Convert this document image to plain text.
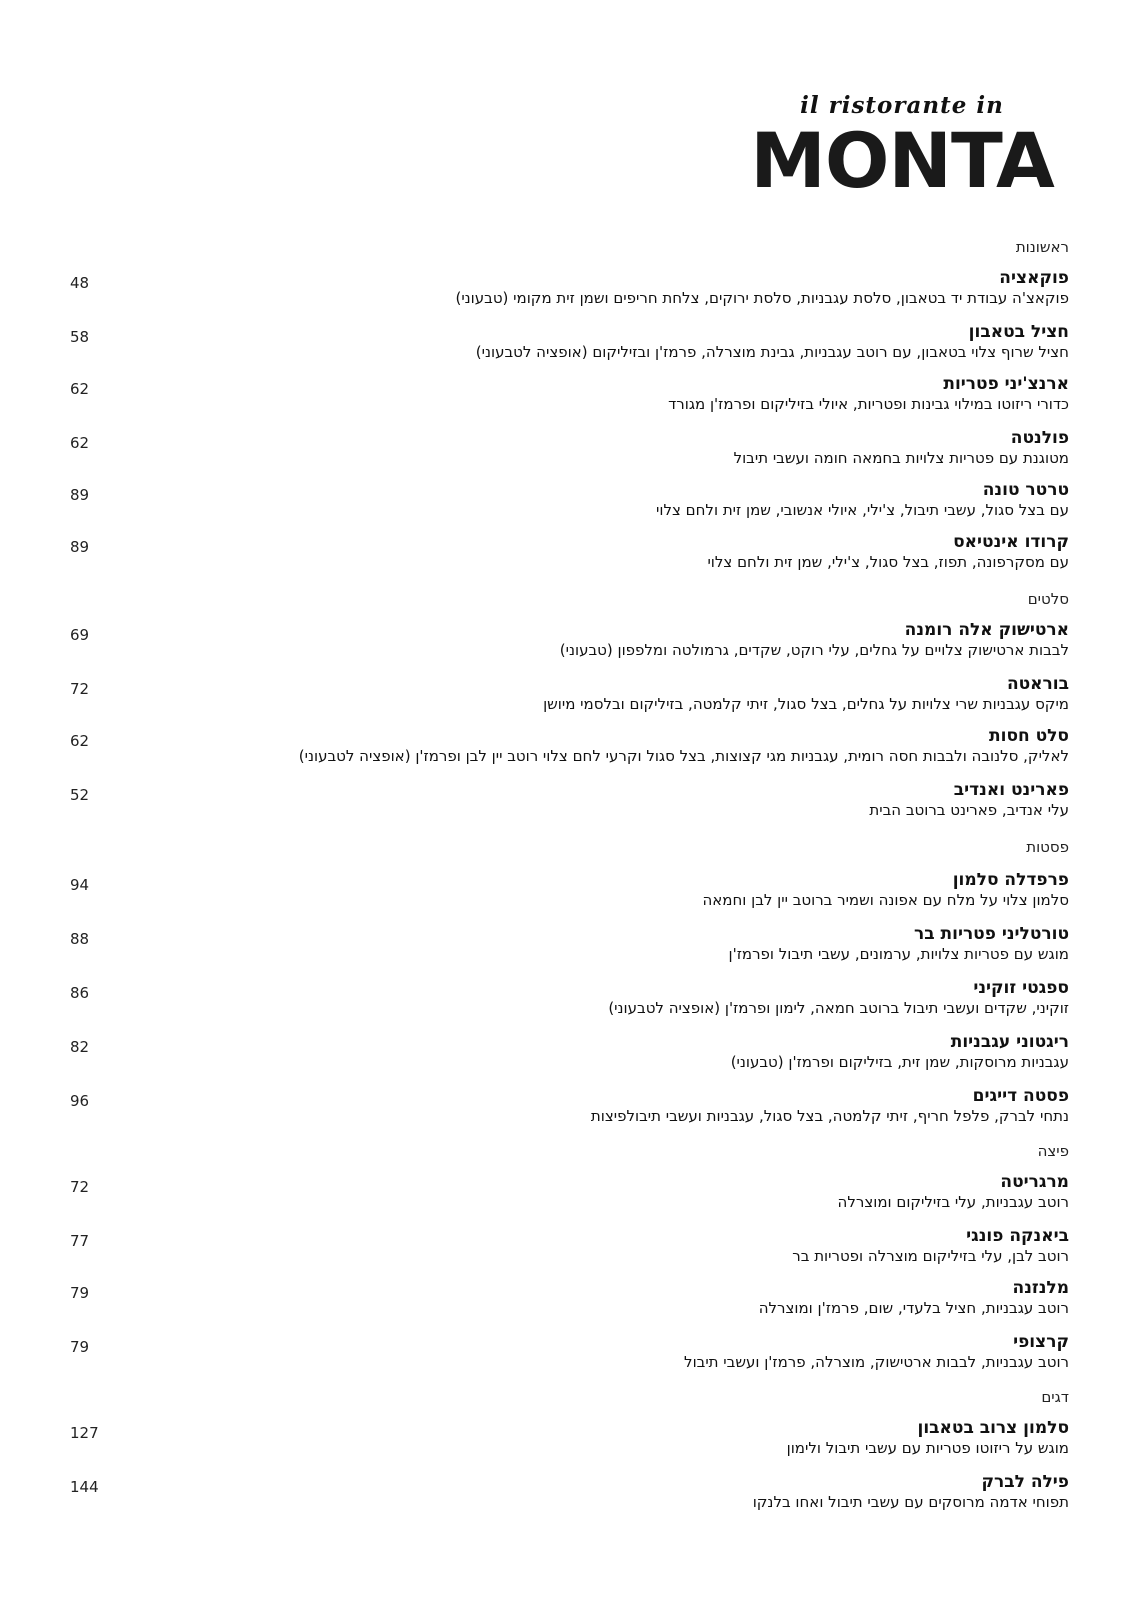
il ristorante in
MONTA
ראשונות
פוקאציה
פוקאצ'ה עבודת יד בטאבון, סלסת עגבניות, סלסת ירוקים, צלחת חריפים ושמן זית מקומי (טבעוני)
48
חציל בטאבון
חציל שרוף צלוי בטאבון, עם רוטב עגבניות, גבינת מוצרלה, פרמז'ן ובזיליקום (אופציה לטבעוני)
58
ארנצ'יני פטריות
כדורי ריזוטו במילוי גבינות ופטריות, איולי בזיליקום ופרמז'ן מגורד
62
פולנטה
מטוגנת עם פטריות צלויות בחמאה חומה ועשבי תיבול
62
טרטר טונה
עם בצל סגול, עשבי תיבול, צ'ילי, איולי אנשובי, שמן זית ולחם צלוי
89
קרודו אינטיאס
עם מסקרפונה, תפוז, בצל סגול, צ'ילי, שמן זית ולחם צלוי
89
סלטים
ארטישוק אלה רומנה
לבבות ארטישוק צלויים על גחלים, עלי רוקט, שקדים, גרמולטה ומלפפון (טבעוני)
69
בוראטה
מיקס עגבניות שרי צלויות על גחלים, בצל סגול, זיתי קלמטה, בזיליקום ובלסמי מיושן
72
סלט חסות
לאליק, סלנובה ולבבות חסה רומית, עגבניות מגי קצוצות, בצל סגול וקרעי לחם צלוי רוטב יין לבן ופרמז'ן (אופציה לטבעוני)
62
פארינט ואנדיב
עלי אנדיב, פארינט ברוטב הבית
52
פסטות
פרפדלה סלמון
סלמון צלוי על מלח עם אפונה ושמיר ברוטב יין לבן וחמאה
94
טורטליני פטריות בר
מוגש עם פטריות צלויות, ערמונים, עשבי תיבול ופרמז'ן
88
ספגטי זוקיני
זוקיני, שקדים ועשבי תיבול ברוטב חמאה, לימון ופרמז'ן (אופציה לטבעוני)
86
ריגטוני עגבניות
עגבניות מרוסקות, שמן זית, בזיליקום ופרמז'ן (טבעוני)
82
פסטה דייגים
נתחי לברק, פלפל חריף, זיתי קלמטה, בצל סגול, עגבניות ועשבי תיבולפיצות
96
פיצה
מרגריטה
רוטב עגבניות, עלי בזיליקום ומוצרלה
72
ביאנקה פונגי
רוטב לבן, עלי בזיליקום מוצרלה ופטריות בר
77
מלנזנה
רוטב עגבניות, חציל בלעדי, שום, פרמז'ן ומוצרלה
79
קרצופי
רוטב עגבניות, לבבות ארטישוק, מוצרלה, פרמז'ן ועשבי תיבול
79
דגים
סלמון צרוב בטאבון
מוגש על ריזוטו פטריות עם עשבי תיבול ולימון
127
פילה לברק
תפוחי אדמה מרוסקים עם עשבי תיבול ואחו בלנקו
144
